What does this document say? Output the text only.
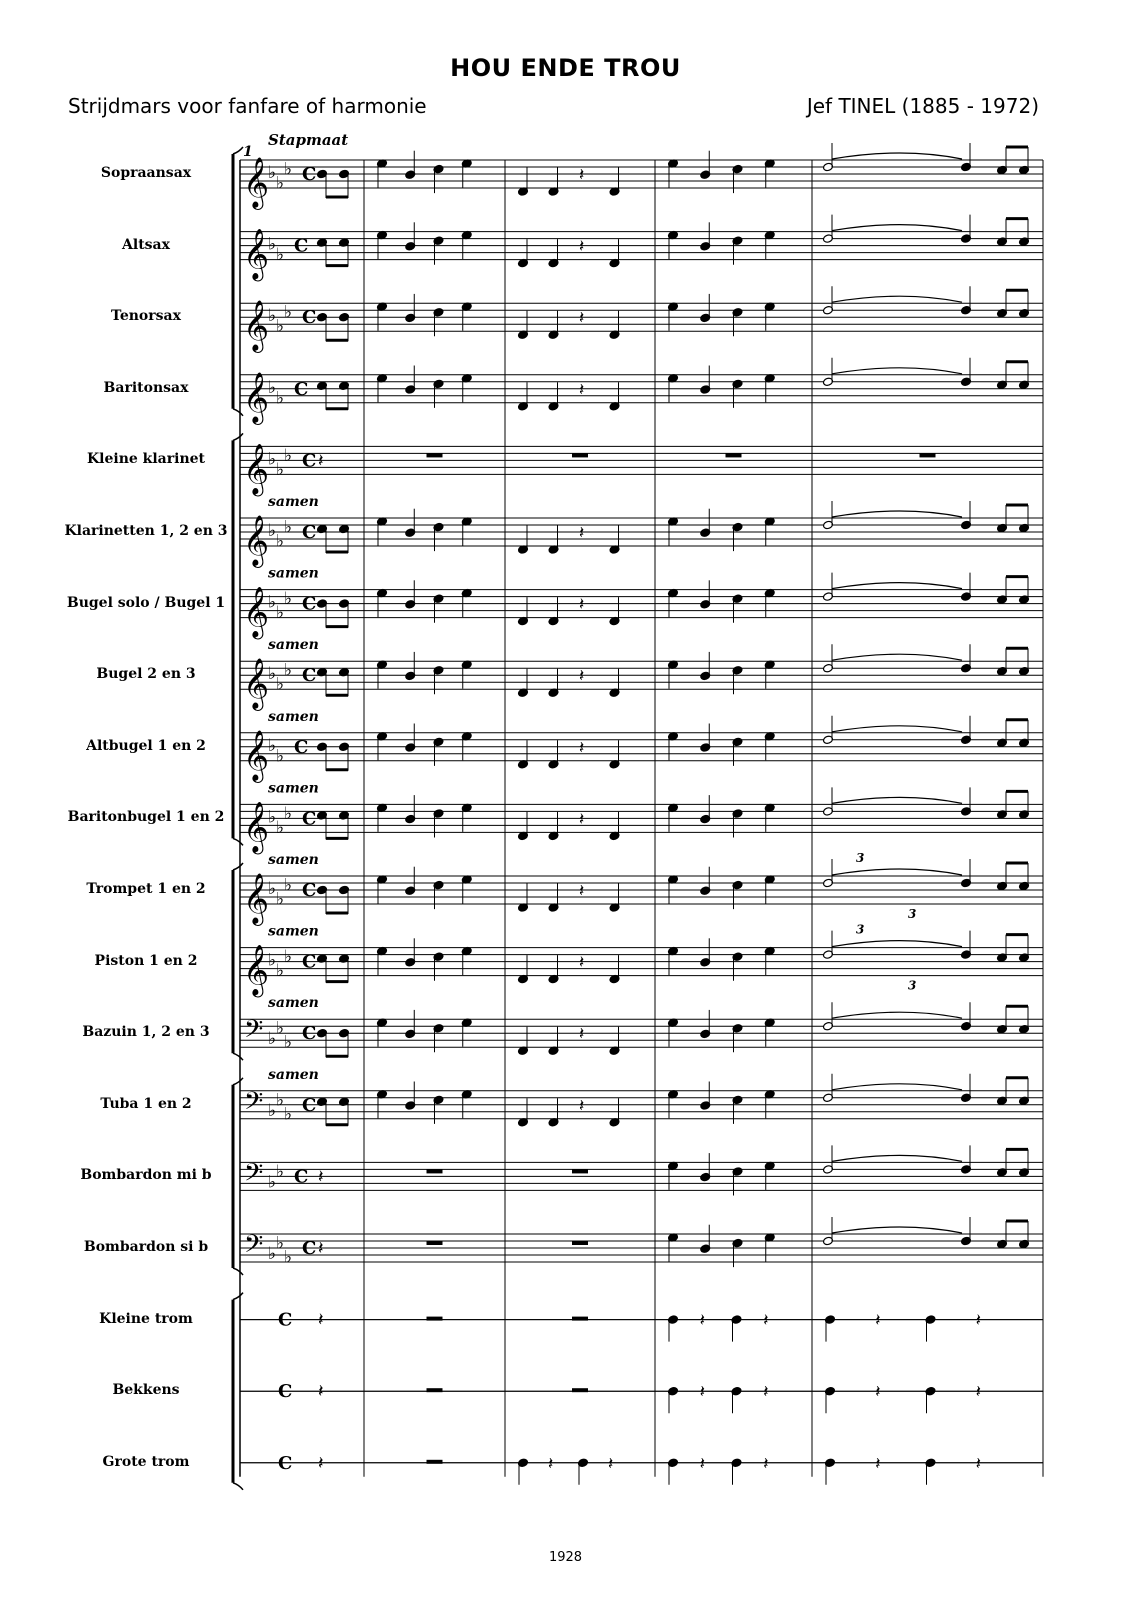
HOU ENDE TROU
Strijdmars voor fanfare of harmonie	Jef TINEL (1885 - 1972)
1
Stapmaat
𝄞
♭
♭
♭ C	𝄽
𝄞
♭
♭ C	𝄽
𝄞
♭
♭
♭ C	𝄽
𝄞
♭
♭ C	𝄽
𝄞
♭
♭
♭ C 𝄽
samen
𝄞
♭
♭
♭ C	𝄽
samen
𝄞
♭
♭
♭ C	𝄽
samen
𝄞
♭
♭
♭ C	𝄽
samen
𝄞
♭
♭ C	𝄽
samen
𝄞
♭
♭
♭ C	𝄽
samen
𝄞
♭
♭
♭ C	𝄽
3
3
samen
𝄞
♭
♭
♭ C	𝄽
3
3
samen
𝄢 ♭
♭
♭ C	𝄽
samen
𝄢 ♭
♭
♭ C	𝄽
𝄢 ♭
♭ C 𝄽
𝄢 ♭
♭
♭ C 𝄽
C 𝄽	𝄽	𝄽	𝄽	𝄽
C 𝄽	𝄽	𝄽	𝄽	𝄽
C 𝄽	𝄽	𝄽	𝄽	𝄽	𝄽	𝄽
Sopraansax
Altsax
Tenorsax
Baritonsax
Kleine klarinet
Klarinetten 1, 2 en 3
Bugel solo / Bugel 1
Bugel 2 en 3
Altbugel 1 en 2
Baritonbugel 1 en 2
Trompet 1 en 2
Piston 1 en 2
Bazuin 1, 2 en 3
Tuba 1 en 2
Bombardon mi b
Bombardon si b
Kleine trom
Bekkens
Grote trom
1928
